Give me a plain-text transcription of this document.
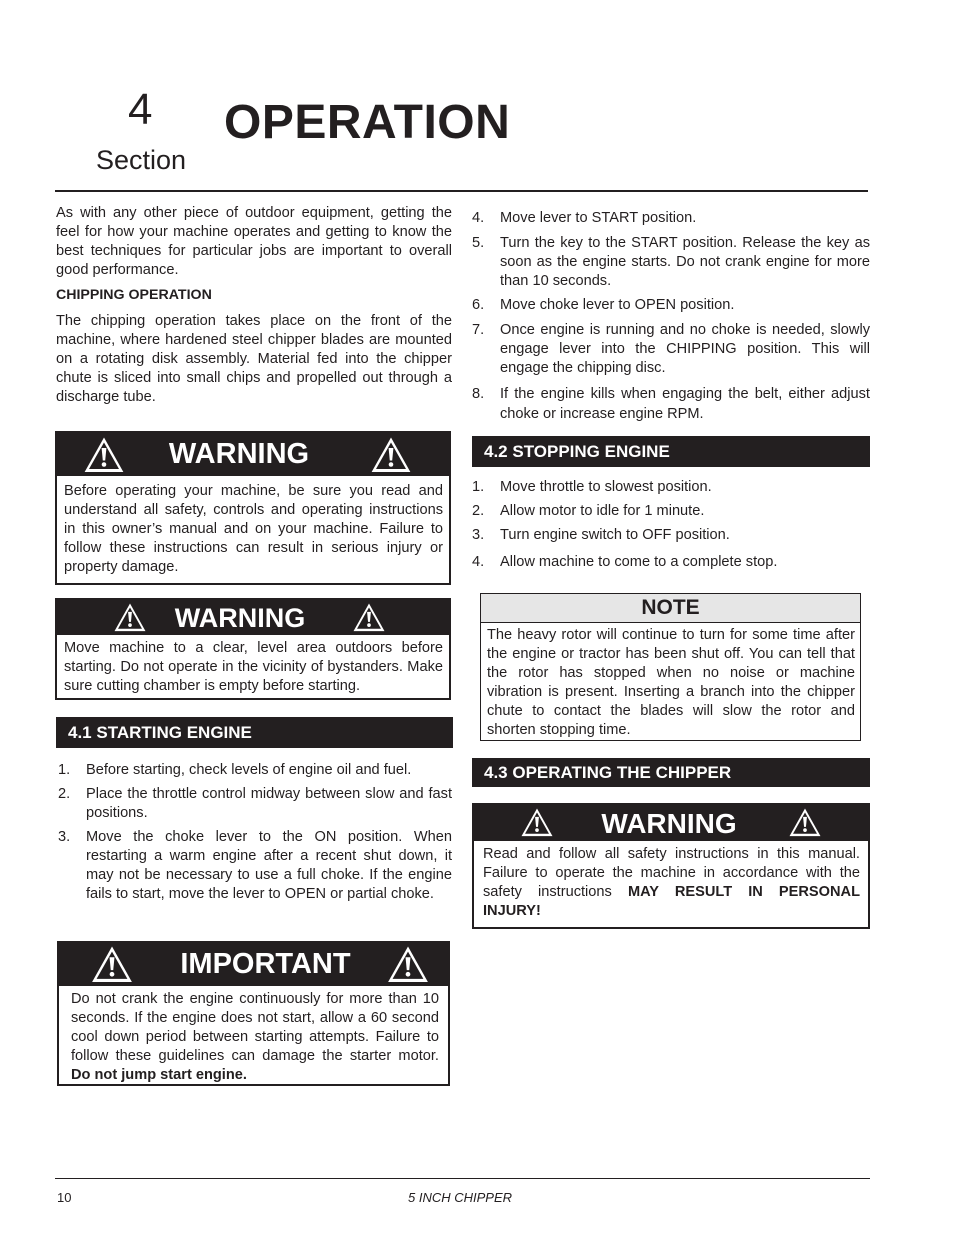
4
Section
OPERATION

As with any other piece of outdoor equipment, getting the feel for how your machine operates and getting to know the best techniques for particular jobs are important to overall good performance.

CHIPPING OPERATION

The chipping operation takes place on the front of the machine, where hardened steel chipper blades are mounted on a rotating disk assembly. Material fed into the chipper chute is sliced into small chips and propelled out through a discharge tube.

WARNING
Before operating your machine, be sure you read and understand all safety, controls and operating instructions in this owner’s manual and on your machine. Failure to follow these instructions can result in serious injury or property damage.
WARNING
Move machine to a clear, level area outdoors before starting. Do not operate in the vicinity of bystanders. Make sure cutting chamber is empty before starting.
4.1 STARTING ENGINE
1. Before starting, check levels of engine oil and fuel.
2. Place the throttle control midway between slow and fast positions.
3. Move the choke lever to the ON position. When restarting a warm engine after a recent shut down, it may not be necessary to use a full choke. If the engine fails to start, move the lever to OPEN or partial choke.
IMPORTANT
Do not crank the engine continuously for more than 10 seconds. If the engine does not start, allow a 60 second cool down period between starting attempts. Failure to follow these guidelines can damage the starter motor. Do not jump start engine.
4. Move lever to START position.
5. Turn the key to the START position. Release the key as soon as the engine starts. Do not crank engine for more than 10 seconds.
6. Move choke lever to OPEN position.
7. Once engine is running and no choke is needed, slowly engage lever into the CHIPPING position. This will engage the chipping disc.
8. If the engine kills when engaging the belt, either adjust choke or increase engine RPM.
4.2 STOPPING ENGINE
1. Move throttle to slowest position.
2. Allow motor to idle for 1 minute.
3. Turn engine switch to OFF position.
4. Allow machine to come to a complete stop.
NOTE
The heavy rotor will continue to turn for some time after the engine or tractor has been shut off. You can tell that the rotor has stopped when no noise or machine vibration is present. Inserting a branch into the chipper chute to contact the blades will slow the rotor and shorten stopping time.
4.3 OPERATING THE CHIPPER
WARNING
Read and follow all safety instructions in this manual. Failure to operate the machine in accordance with the safety instructions MAY RESULT IN PERSONAL INJURY!
10	5 INCH CHIPPER
